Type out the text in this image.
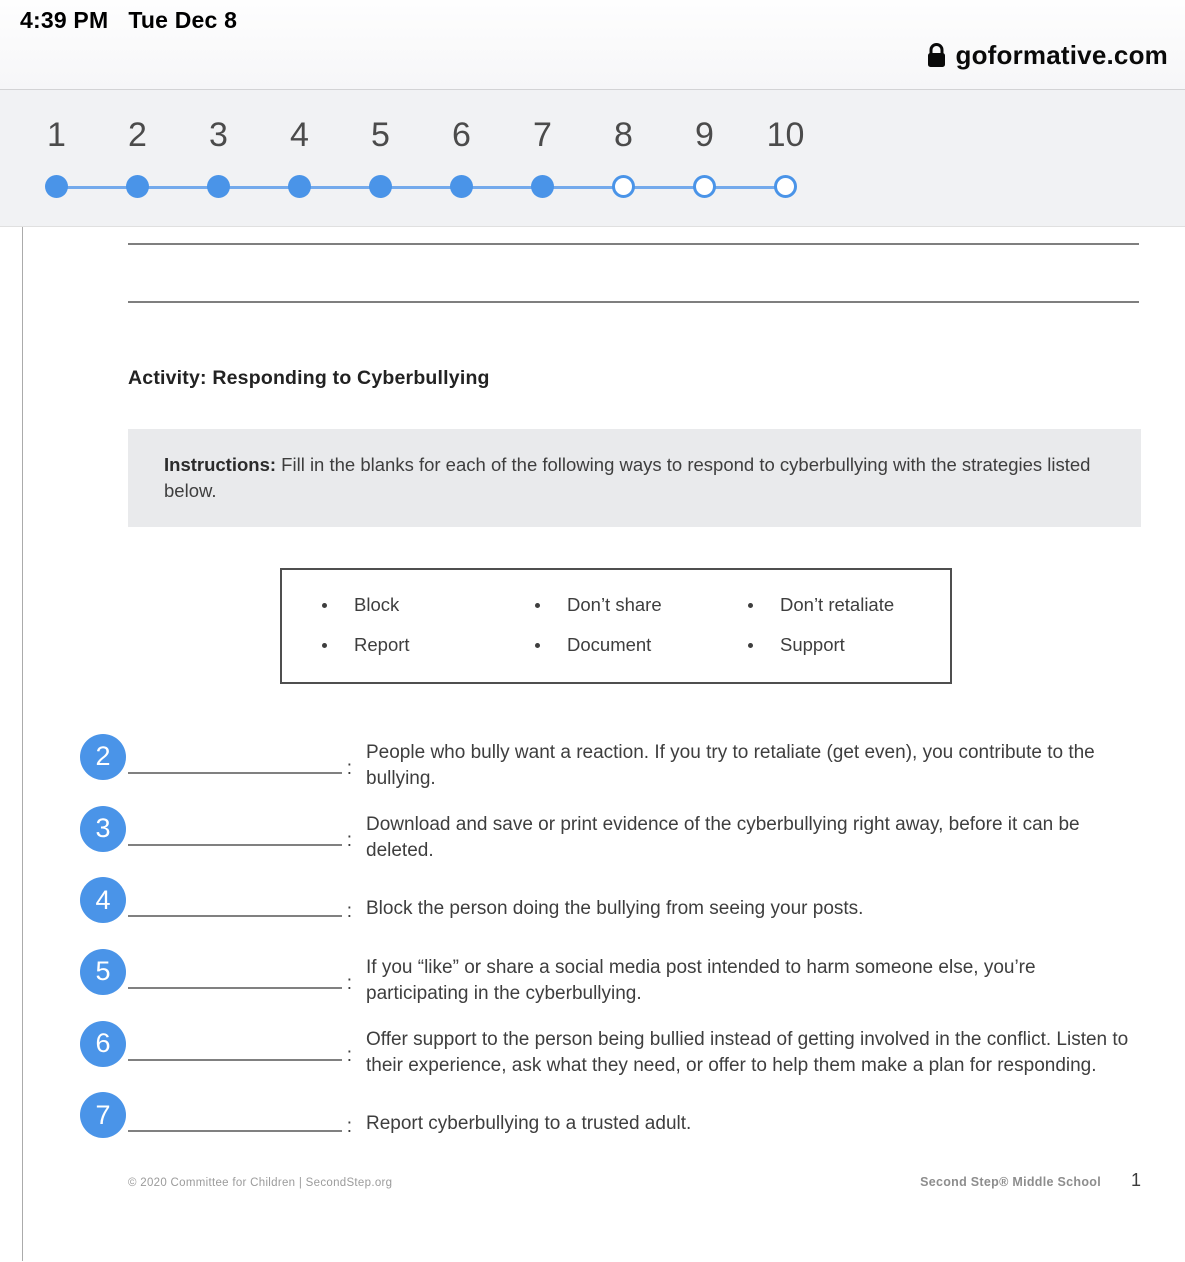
4:39 PM Tue Dec 8
goformative.com
1 2 3 4 5 6 7 8 9 10
Activity: Responding to Cyberbullying
Instructions: Fill in the blanks for each of the following ways to respond to cyberbullying with the strategies listed below.
Block	Don’t share	Don’t retaliate
Report	Document	Support
2	:
People who bully want a reaction. If you try to retaliate (get even), you contribute to the bullying.
3	:
Download and save or print evidence of the cyberbullying right away, before it can be deleted.
4	: Block the person doing the bullying from seeing your posts.
5	:
If you “like” or share a social media post intended to harm someone else, you’re participating in the cyberbullying.
6	:
Offer support to the person being bullied instead of getting involved in the conflict. Listen to their experience, ask what they need, or offer to help them make a plan for responding.
7	: Report cyberbullying to a trusted adult.
© 2020 Committee for Children | SecondStep.org	Second Step® Middle School 1
